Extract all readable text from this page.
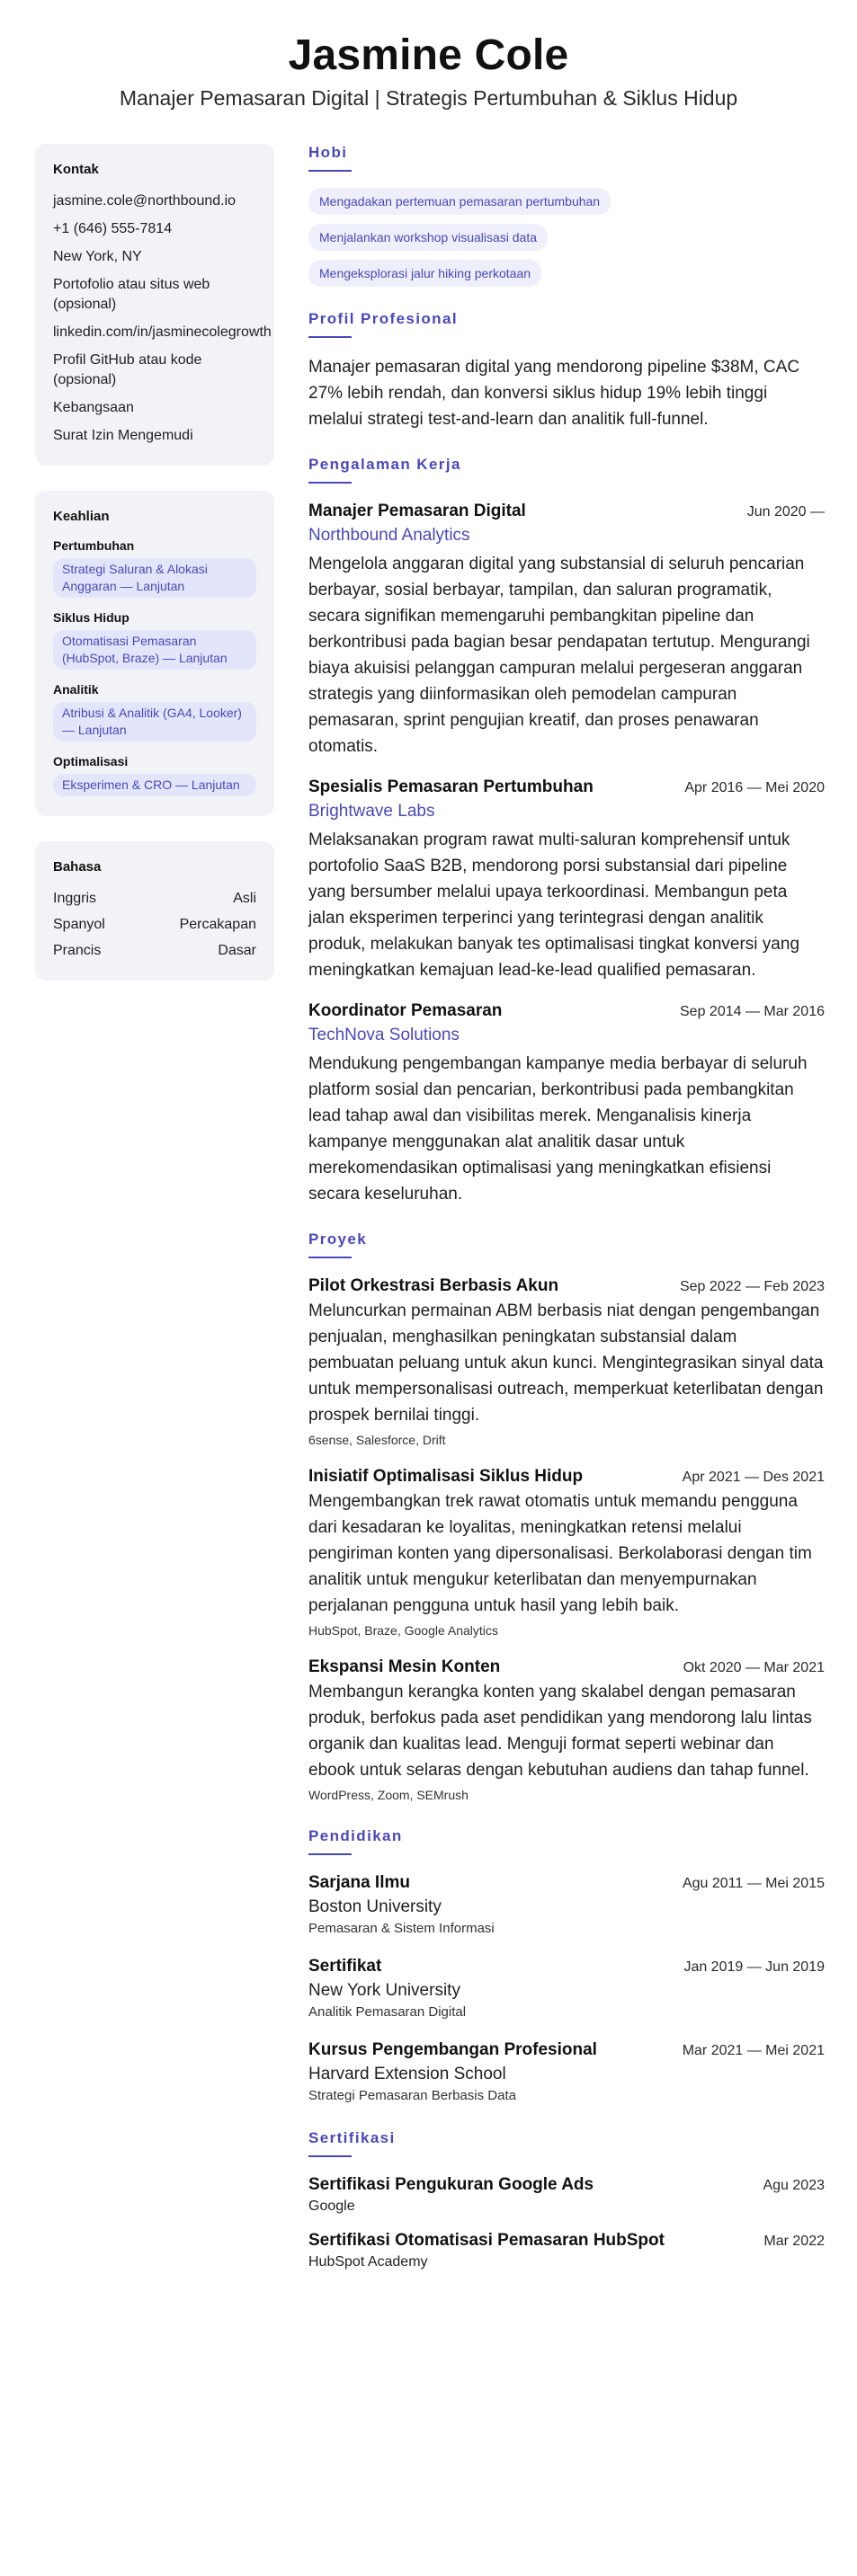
Jasmine Cole
Manajer Pemasaran Digital | Strategis Pertumbuhan & Siklus Hidup
Kontak
jasmine.cole@northbound.io
+1 (646) 555-7814
New York, NY
Portofolio atau situs web (opsional)
linkedin.com/in/jasminecolegrowth
Profil GitHub atau kode (opsional)
Kebangsaan
Surat Izin Mengemudi
Keahlian
Pertumbuhan
Strategi Saluran & Alokasi Anggaran — Lanjutan
Siklus Hidup
Otomatisasi Pemasaran (HubSpot, Braze) — Lanjutan
Analitik
Atribusi & Analitik (GA4, Looker) — Lanjutan
Optimalisasi
Eksperimen & CRO — Lanjutan
Bahasa
Inggris	Asli
Spanyol	Percakapan
Prancis	Dasar
Hobi
Mengadakan pertemuan pemasaran pertumbuhan
Menjalankan workshop visualisasi data
Mengeksplorasi jalur hiking perkotaan
Profil Profesional
Manajer pemasaran digital yang mendorong pipeline $38M, CAC 27% lebih rendah, dan konversi siklus hidup 19% lebih tinggi melalui strategi test-and-learn dan analitik full-funnel.
Pengalaman Kerja
Manajer Pemasaran Digital	Jun 2020 —
Northbound Analytics
Mengelola anggaran digital yang substansial di seluruh pencarian berbayar, sosial berbayar, tampilan, dan saluran programatik, secara signifikan memengaruhi pembangkitan pipeline dan berkontribusi pada bagian besar pendapatan tertutup. Mengurangi biaya akuisisi pelanggan campuran melalui pergeseran anggaran strategis yang diinformasikan oleh pemodelan campuran pemasaran, sprint pengujian kreatif, dan proses penawaran otomatis.
Spesialis Pemasaran Pertumbuhan	Apr 2016 — Mei 2020
Brightwave Labs
Melaksanakan program rawat multi-saluran komprehensif untuk portofolio SaaS B2B, mendorong porsi substansial dari pipeline yang bersumber melalui upaya terkoordinasi. Membangun peta jalan eksperimen terperinci yang terintegrasi dengan analitik produk, melakukan banyak tes optimalisasi tingkat konversi yang meningkatkan kemajuan lead-ke-lead qualified pemasaran.
Koordinator Pemasaran	Sep 2014 — Mar 2016
TechNova Solutions
Mendukung pengembangan kampanye media berbayar di seluruh platform sosial dan pencarian, berkontribusi pada pembangkitan lead tahap awal dan visibilitas merek. Menganalisis kinerja kampanye menggunakan alat analitik dasar untuk merekomendasikan optimalisasi yang meningkatkan efisiensi secara keseluruhan.
Proyek
Pilot Orkestrasi Berbasis Akun	Sep 2022 — Feb 2023
Meluncurkan permainan ABM berbasis niat dengan pengembangan penjualan, menghasilkan peningkatan substansial dalam pembuatan peluang untuk akun kunci. Mengintegrasikan sinyal data untuk mempersonalisasi outreach, memperkuat keterlibatan dengan prospek bernilai tinggi.
6sense, Salesforce, Drift
Inisiatif Optimalisasi Siklus Hidup	Apr 2021 — Des 2021
Mengembangkan trek rawat otomatis untuk memandu pengguna dari kesadaran ke loyalitas, meningkatkan retensi melalui pengiriman konten yang dipersonalisasi. Berkolaborasi dengan tim analitik untuk mengukur keterlibatan dan menyempurnakan perjalanan pengguna untuk hasil yang lebih baik.
HubSpot, Braze, Google Analytics
Ekspansi Mesin Konten	Okt 2020 — Mar 2021
Membangun kerangka konten yang skalabel dengan pemasaran produk, berfokus pada aset pendidikan yang mendorong lalu lintas organik dan kualitas lead. Menguji format seperti webinar dan ebook untuk selaras dengan kebutuhan audiens dan tahap funnel.
WordPress, Zoom, SEMrush
Pendidikan
Sarjana Ilmu	Agu 2011 — Mei 2015
Boston University
Pemasaran & Sistem Informasi
Sertifikat	Jan 2019 — Jun 2019
New York University
Analitik Pemasaran Digital
Kursus Pengembangan Profesional	Mar 2021 — Mei 2021
Harvard Extension School
Strategi Pemasaran Berbasis Data
Sertifikasi
Sertifikasi Pengukuran Google Ads	Agu 2023
Google
Sertifikasi Otomatisasi Pemasaran HubSpot	Mar 2022
HubSpot Academy
